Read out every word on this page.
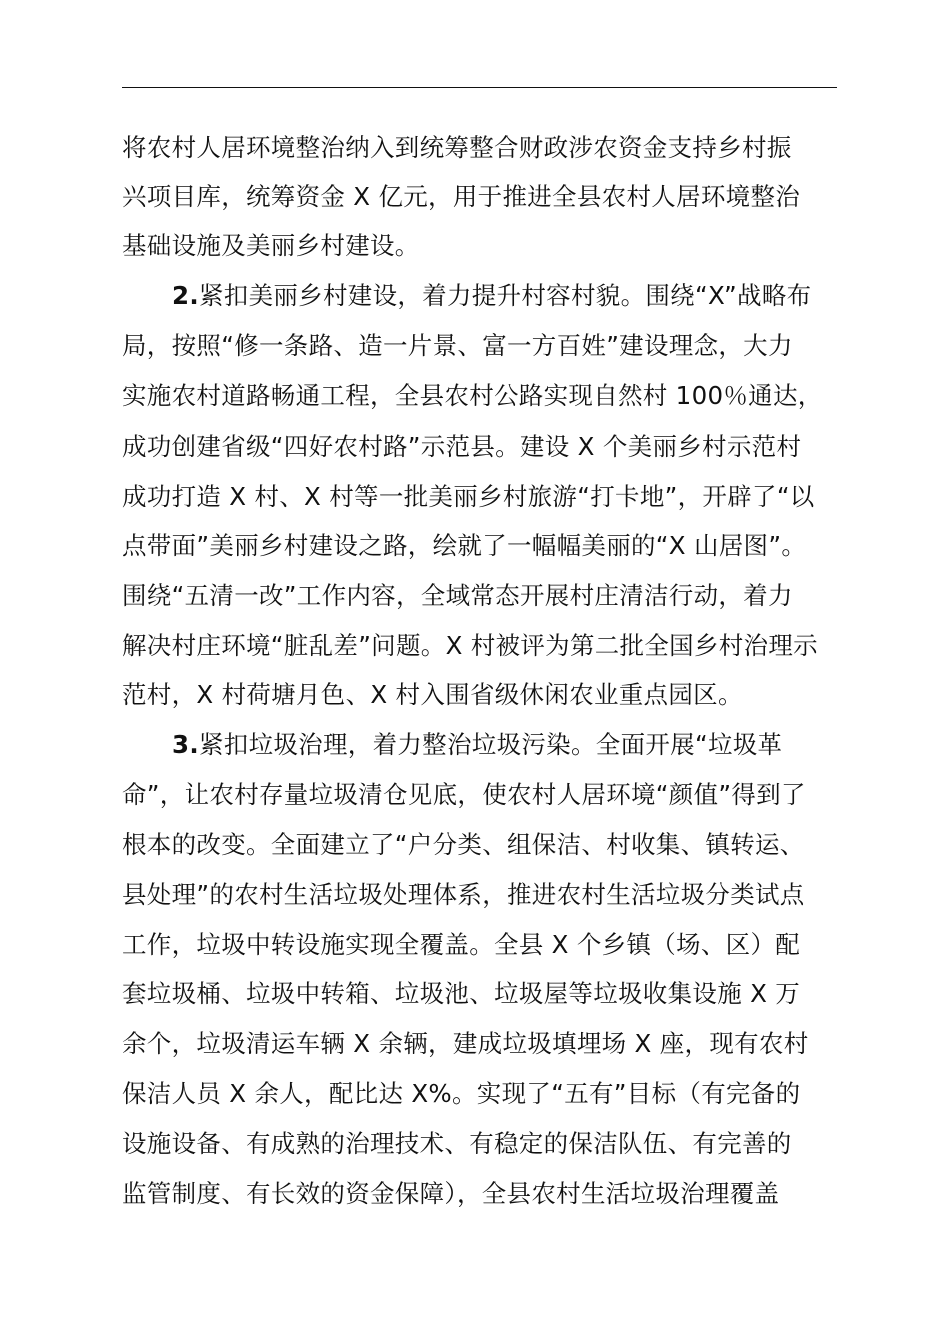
将农村人居环境整治纳入到统筹整合财政涉农资金支持乡村振
兴项目库，统筹资金 X 亿元，用于推进全县农村人居环境整治
基础设施及美丽乡村建设。
2.紧扣美丽乡村建设，着力提升村容村貌。围绕“X”战略布
局，按照“修一条路、造一片景、富一方百姓”建设理念，大力
实施农村道路畅通工程，全县农村公路实现自然村 100％通达，
成功创建省级“四好农村路”示范县。建设 X 个美丽乡村示范村
成功打造 X 村、X 村等一批美丽乡村旅游“打卡地”，开辟了“以
点带面”美丽乡村建设之路，绘就了一幅幅美丽的“X 山居图”。
围绕“五清一改”工作内容，全域常态开展村庄清洁行动，着力
解决村庄环境“脏乱差”问题。X 村被评为第二批全国乡村治理示
范村，X 村荷塘月色、X 村入围省级休闲农业重点园区。
3.紧扣垃圾治理，着力整治垃圾污染。全面开展“垃圾革
命”，让农村存量垃圾清仓见底，使农村人居环境“颜值”得到了
根本的改变。全面建立了“户分类、组保洁、村收集、镇转运、
县处理”的农村生活垃圾处理体系，推进农村生活垃圾分类试点
工作，垃圾中转设施实现全覆盖。全县 X 个乡镇（场、区）配
套垃圾桶、垃圾中转箱、垃圾池、垃圾屋等垃圾收集设施 X 万
余个，垃圾清运车辆 X 余辆，建成垃圾填埋场 X 座，现有农村
保洁人员 X 余人，配比达 X%。实现了“五有”目标（有完备的
设施设备、有成熟的治理技术、有稳定的保洁队伍、有完善的
监管制度、有长效的资金保障），全县农村生活垃圾治理覆盖
